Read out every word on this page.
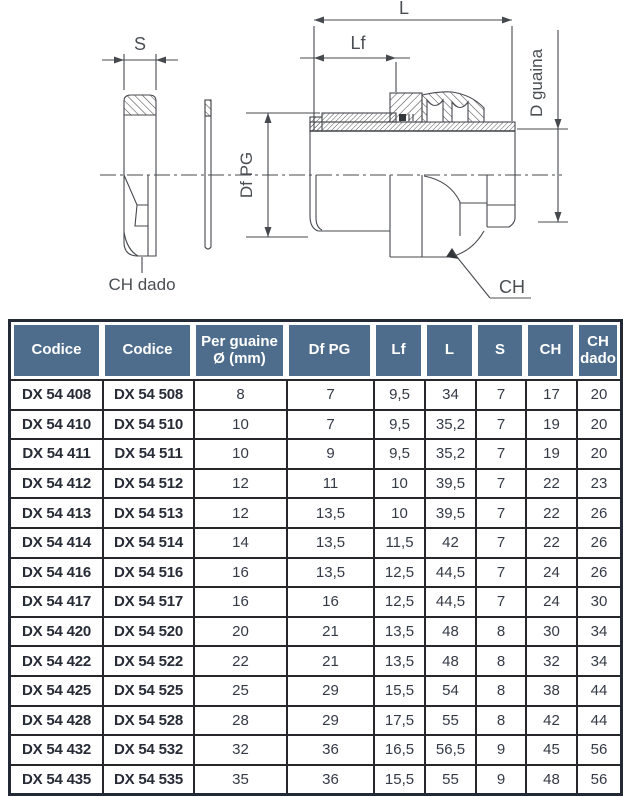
S
CH dado
L
Lf
CH
Df PG
D guaina
Codice	Codice	Per guaine Ø (mm)	Df PG	Lf	L	S	CH	CH dado
DX 54 408	DX 54 508	8	7	9,5	34	7	17	20
DX 54 410	DX 54 510	10	7	9,5	35,2	7	19	20
DX 54 411	DX 54 511	10	9	9,5	35,2	7	19	20
DX 54 412	DX 54 512	12	11	10	39,5	7	22	23
DX 54 413	DX 54 513	12	13,5	10	39,5	7	22	26
DX 54 414	DX 54 514	14	13,5	11,5	42	7	22	26
DX 54 416	DX 54 516	16	13,5	12,5	44,5	7	24	26
DX 54 417	DX 54 517	16	16	12,5	44,5	7	24	30
DX 54 420	DX 54 520	20	21	13,5	48	8	30	34
DX 54 422	DX 54 522	22	21	13,5	48	8	32	34
DX 54 425	DX 54 525	25	29	15,5	54	8	38	44
DX 54 428	DX 54 528	28	29	17,5	55	8	42	44
DX 54 432	DX 54 532	32	36	16,5	56,5	9	45	56
DX 54 435	DX 54 535	35	36	15,5	55	9	48	56
